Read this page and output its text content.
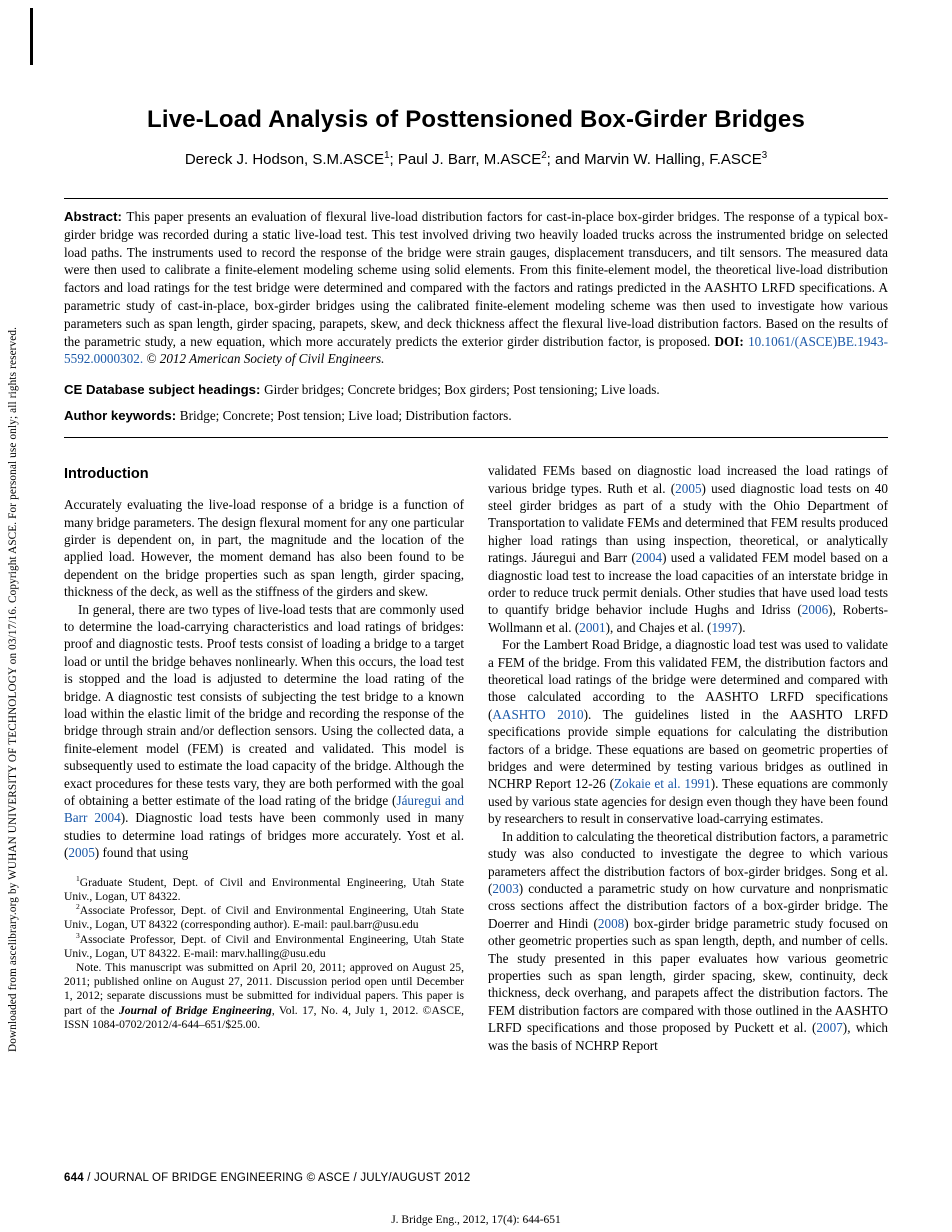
Downloaded from ascelibrary.org by WUHAN UNIVERSITY OF TECHNOLOGY on 03/17/16. Copyright ASCE. For personal use only; all rights reserved.
Live-Load Analysis of Posttensioned Box-Girder Bridges
Dereck J. Hodson, S.M.ASCE$^1$; Paul J. Barr, M.ASCE$^2$; and Marvin W. Halling, F.ASCE$^3$

Abstract: This paper presents an evaluation of flexural live-load distribution factors for cast-in-place box-girder bridges. The response of a typical box-girder bridge was recorded during a static live-load test. This test involved driving two heavily loaded trucks across the instrumented bridge on selected load paths. The instruments used to record the response of the bridge were strain gauges, displacement transducers, and tilt sensors. The measured data were then used to calibrate a finite-element modeling scheme using solid elements. From this finite-element model, the theoretical live-load distribution factors and load ratings for the test bridge were determined and compared with the factors and ratings predicted in the AASHTO LRFD specifications. A parametric study of cast-in-place, box-girder bridges using the calibrated finite-element modeling scheme was then used to investigate how various parameters such as span length, girder spacing, parapets, skew, and deck thickness affect the flexural live-load distribution factors. Based on the results of the parametric study, a new equation, which more accurately predicts the exterior girder distribution factor, is proposed. DOI: 10.1061/(ASCE)BE.1943-5592.0000302. © 2012 American Society of Civil Engineers.

CE Database subject headings: Girder bridges; Concrete bridges; Box girders; Post tensioning; Live loads.

Author keywords: Bridge; Concrete; Post tension; Live load; Distribution factors.

Introduction

Accurately evaluating the live-load response of a bridge is a function of many bridge parameters. The design flexural moment for any one particular girder is dependent on, in part, the magnitude and the location of the applied load. However, the moment demand has also been found to be dependent on the bridge properties such as span length, girder spacing, thickness of the deck, as well as the stiffness of the girders and skew.

In general, there are two types of live-load tests that are commonly used to determine the load-carrying characteristics and load ratings of bridges: proof and diagnostic tests. Proof tests consist of loading a bridge to a target load or until the bridge behaves nonlinearly. When this occurs, the load test is stopped and the load is adjusted to determine the load rating of the bridge. A diagnostic test consists of subjecting the test bridge to a known load within the elastic limit of the bridge and recording the response of the bridge through strain and/or deflection sensors. Using the collected data, a finite-element model (FEM) is created and validated. This model is subsequently used to estimate the load capacity of the bridge. Although the exact procedures for these tests vary, they are both performed with the goal of obtaining a better estimate of the load rating of the bridge (Jáuregui and Barr 2004). Diagnostic load tests have been commonly used in many studies to determine load ratings of bridges more accurately. Yost et al. (2005) found that using

$^1$Graduate Student, Dept. of Civil and Environmental Engineering, Utah State Univ., Logan, UT 84322.

$^2$Associate Professor, Dept. of Civil and Environmental Engineering, Utah State Univ., Logan, UT 84322 (corresponding author). E-mail: paul.barr@usu.edu

$^3$Associate Professor, Dept. of Civil and Environmental Engineering, Utah State Univ., Logan, UT 84322. E-mail: marv.halling@usu.edu

Note. This manuscript was submitted on April 20, 2011; approved on August 25, 2011; published online on August 27, 2011. Discussion period open until December 1, 2012; separate discussions must be submitted for individual papers. This paper is part of the Journal of Bridge Engineering, Vol. 17, No. 4, July 1, 2012. ©ASCE, ISSN 1084-0702/2012/4-644–651/$25.00.

validated FEMs based on diagnostic load increased the load ratings of various bridge types. Ruth et al. (2005) used diagnostic load tests on 40 steel girder bridges as part of a study with the Ohio Department of Transportation to validate FEMs and determined that FEM results produced higher load ratings than using inspection, theoretical, or analytically ratings. Jáuregui and Barr (2004) used a validated FEM model based on a diagnostic load test to increase the load capacities of an interstate bridge in order to reduce truck permit denials. Other studies that have used load tests to quantify bridge behavior include Hughs and Idriss (2006), Roberts-Wollmann et al. (2001), and Chajes et al. (1997).

For the Lambert Road Bridge, a diagnostic load test was used to validate a FEM of the bridge. From this validated FEM, the distribution factors and theoretical load ratings of the bridge were determined and compared with those calculated according to the AASHTO LRFD specifications (AASHTO 2010). The guidelines listed in the AASHTO LRFD specifications provide simple equations for calculating the distribution factors of a bridge. These equations are based on geometric properties of bridges and were determined by testing various bridges as outlined in NCHRP Report 12-26 (Zokaie et al. 1991). These equations are commonly used by various state agencies for design even though they have been found by researchers to result in conservative load-carrying estimates.

In addition to calculating the theoretical distribution factors, a parametric study was also conducted to investigate the degree to which various parameters affect the distribution factors of box-girder bridges. Song et al. (2003) conducted a parametric study on how curvature and nonprismatic cross sections affect the distribution factors of a box-girder bridge. The Doerrer and Hindi (2008) box-girder bridge parametric study focused on other geometric properties such as span length, depth, and number of cells. The study presented in this paper evaluates how various geometric properties such as span length, girder spacing, skew, continuity, deck thickness, deck overhang, and parapets affect the distribution factors. The FEM distribution factors are compared with those outlined in the AASHTO LRFD specifications and those proposed by Puckett et al. (2007), which was the basis of NCHRP Report

644 / JOURNAL OF BRIDGE ENGINEERING © ASCE / JULY/AUGUST 2012
J. Bridge Eng., 2012, 17(4): 644-651
